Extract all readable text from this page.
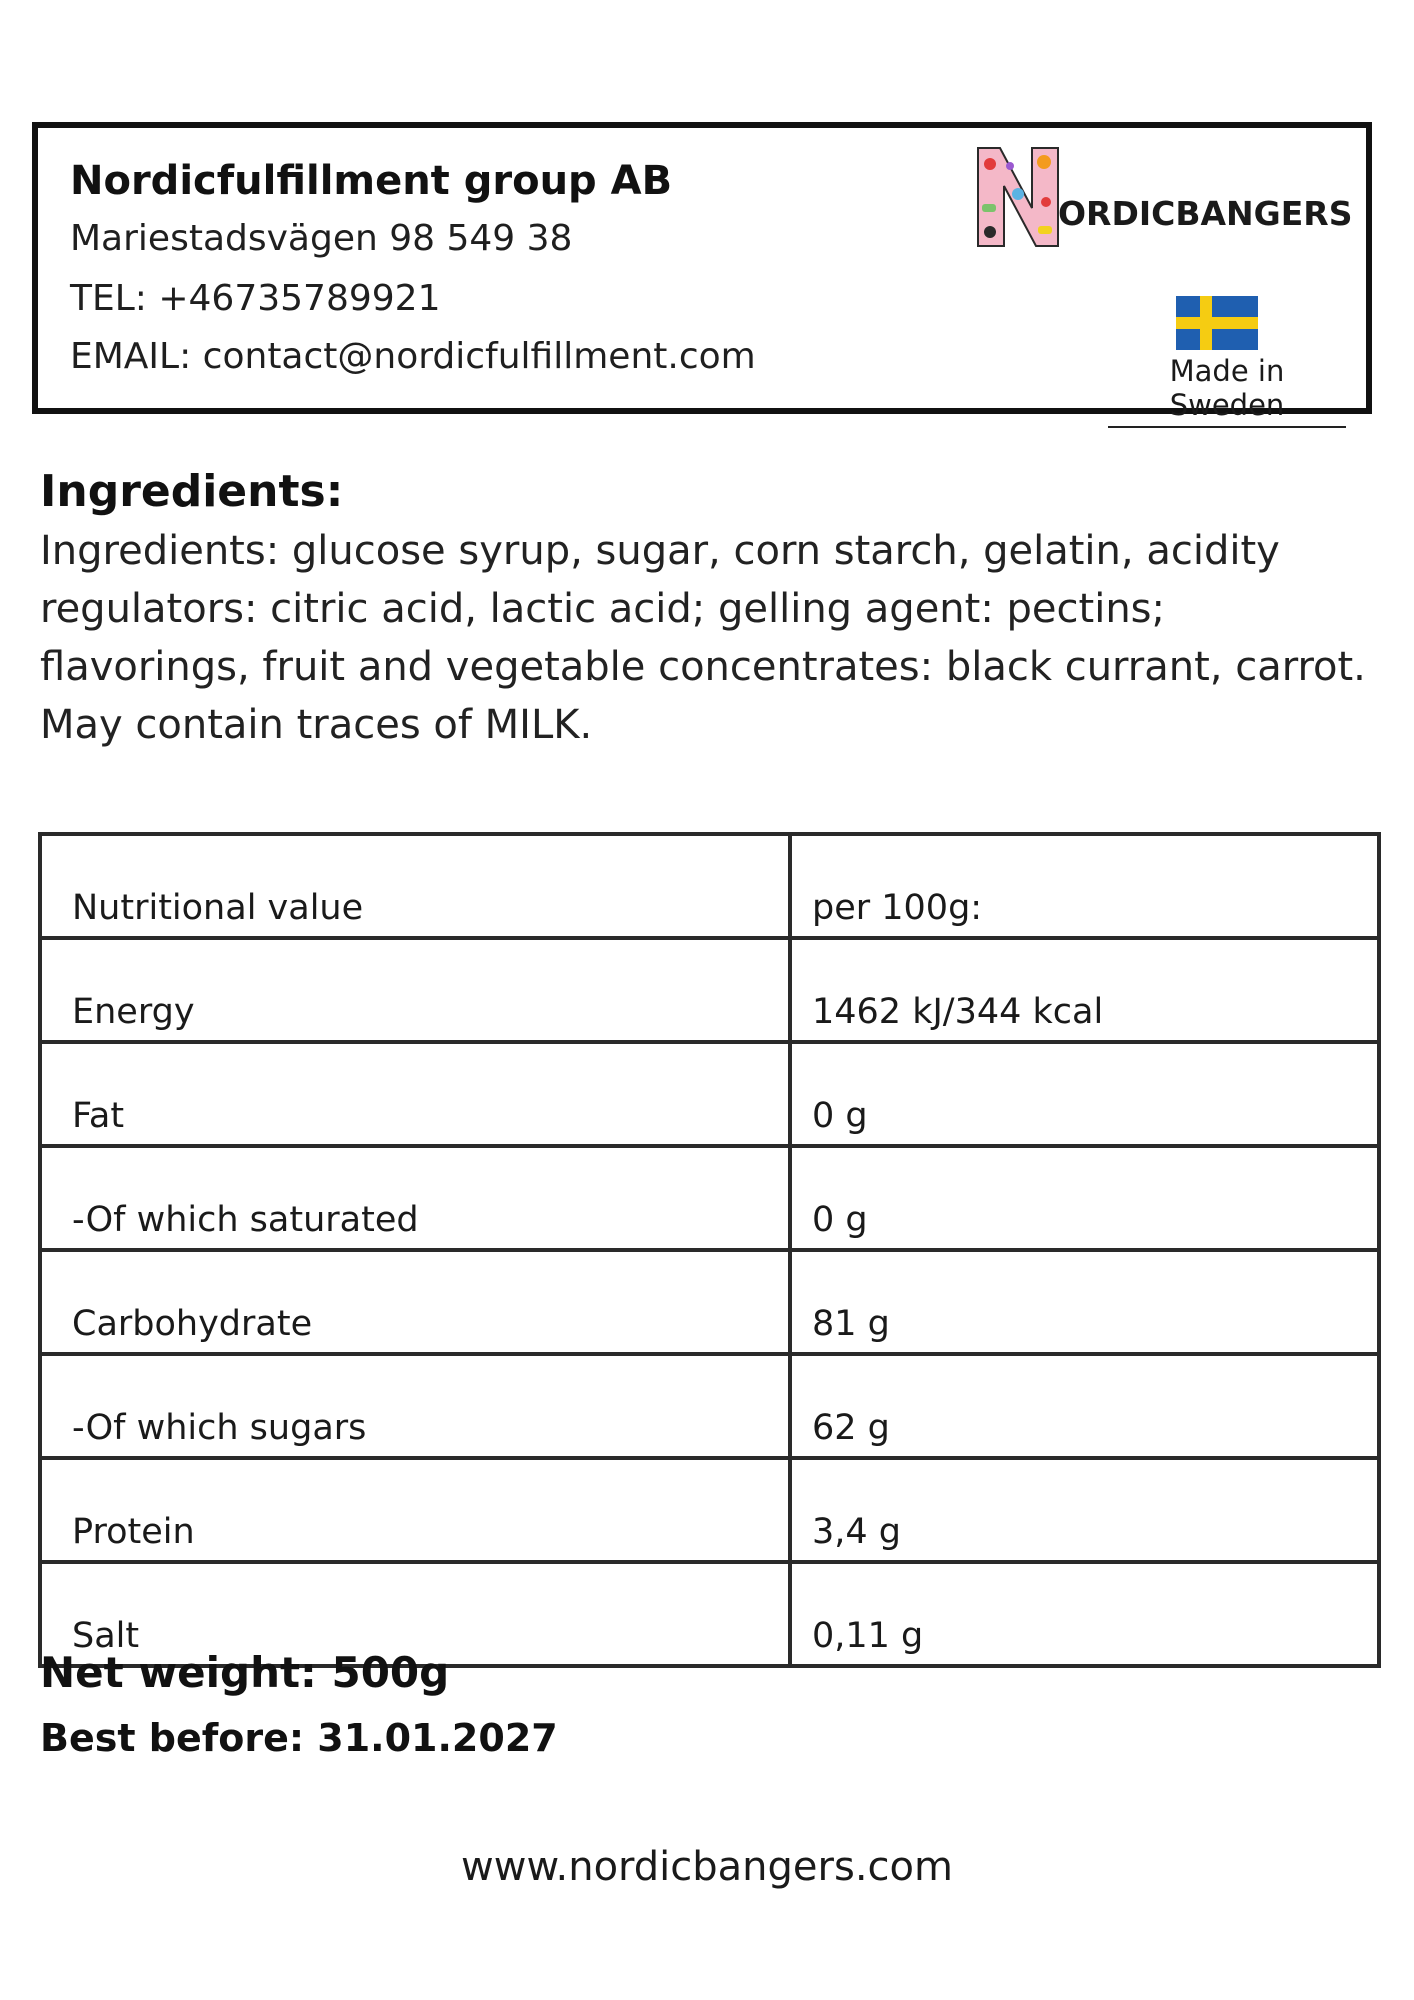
Nordicfulfillment group AB
Mariestadsvägen 98 549 38
TEL: +46735789921
EMAIL: contact@nordicfulfillment.com
ORDICBANGERS
Made in Sweden
Ingredients:
Ingredients: glucose syrup, sugar, corn starch, gelatin, acidity regulators: citric acid, lactic acid; gelling agent: pectins; flavorings, fruit and vegetable concentrates: black currant, carrot. May contain traces of MILK.
Nutritional value	per 100g:
Energy	1462 kJ/344 kcal
Fat	0 g
-Of which saturated	0 g
Carbohydrate	81 g
-Of which sugars	62 g
Protein	3,4 g
Salt	0,11 g
Net weight: 500g
Best before: 31.01.2027
www.nordicbangers.com
